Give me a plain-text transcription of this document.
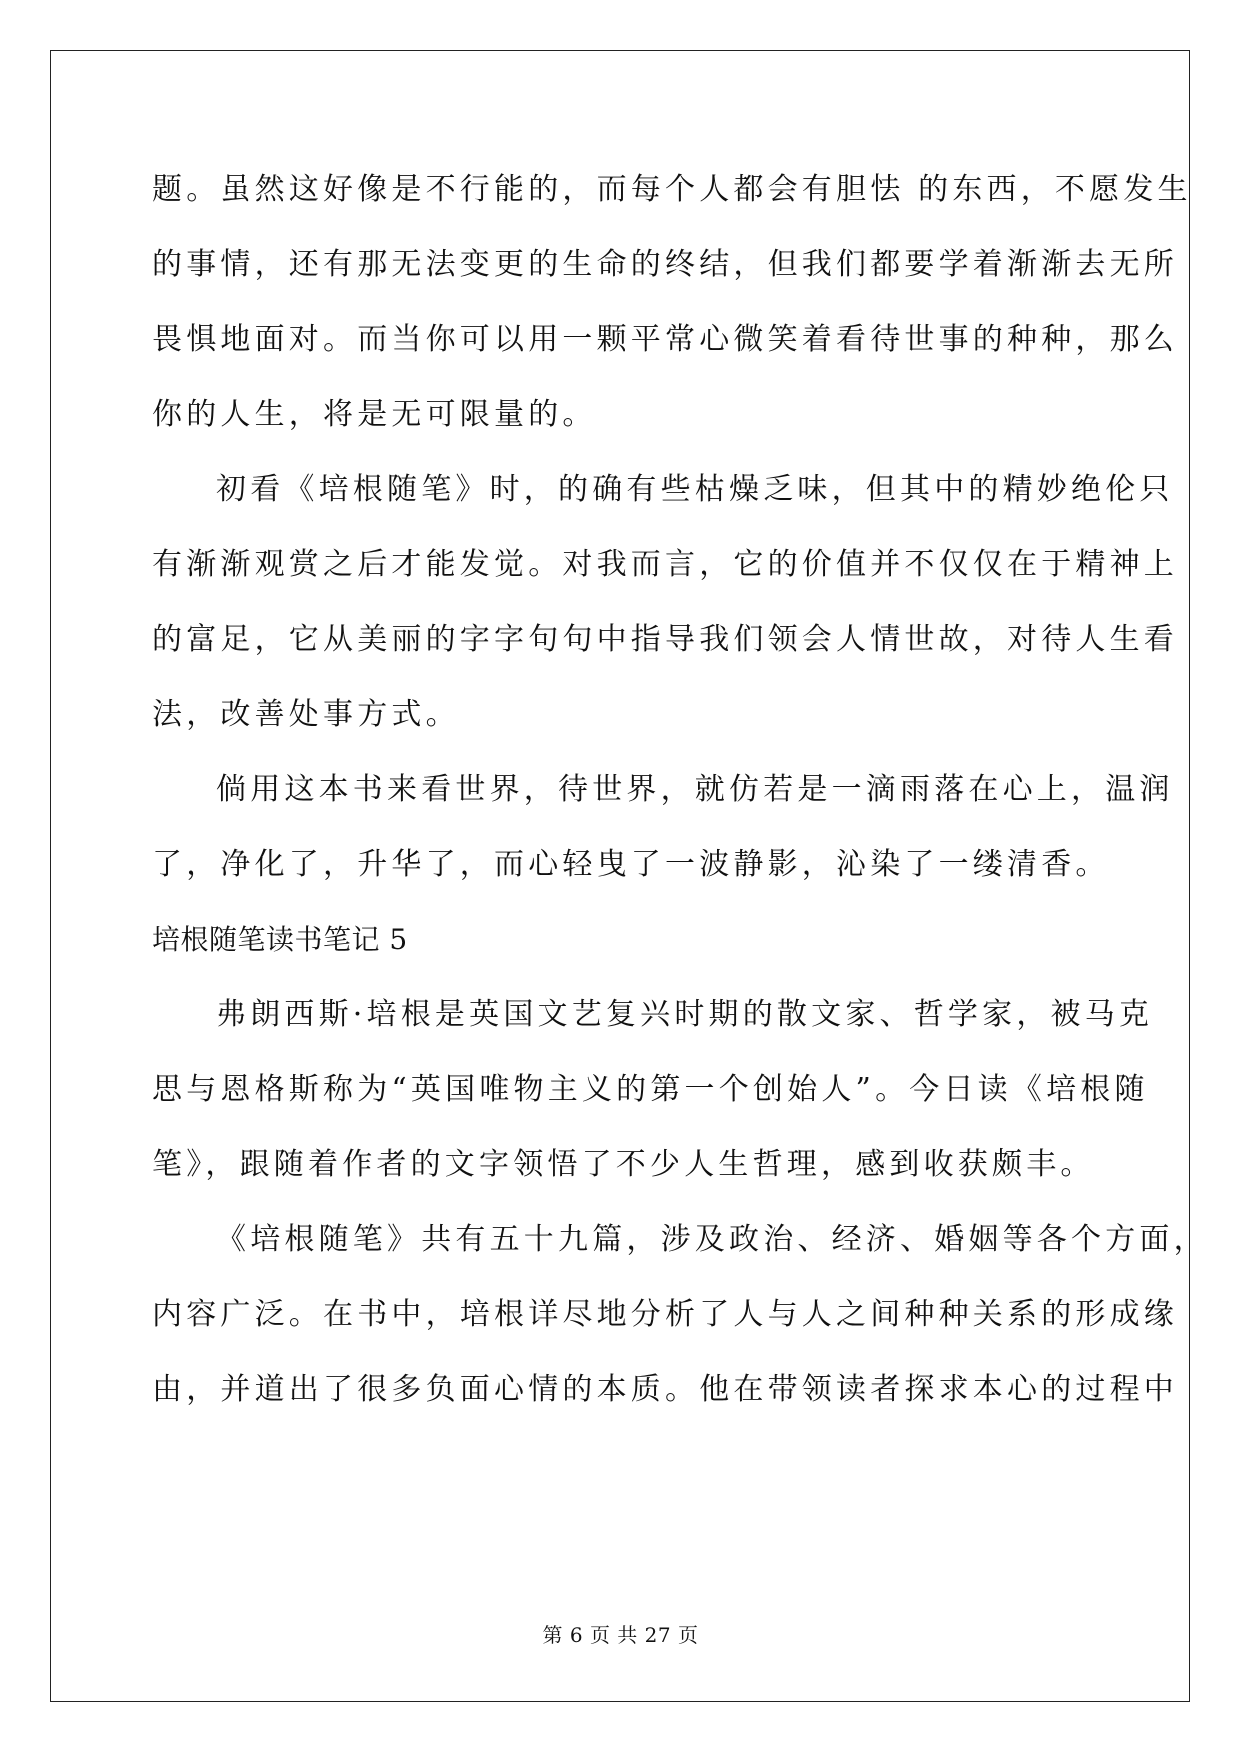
题。虽然这好像是不行能的，而每个人都会有胆怯 的东西，不愿发生
的事情，还有那无法变更的生命的终结，但我们都要学着渐渐去无所
畏惧地面对。而当你可以用一颗平常心微笑着看待世事的种种，那么
你的人生，将是无可限量的。
初看《培根随笔》时，的确有些枯燥乏味，但其中的精妙绝伦只
有渐渐观赏之后才能发觉。对我而言，它的价值并不仅仅在于精神上
的富足，它从美丽的字字句句中指导我们领会人情世故，对待人生看
法，改善处事方式。
倘用这本书来看世界，待世界，就仿若是一滴雨落在心上，温润
了，净化了，升华了，而心轻曳了一波静影，沁染了一缕清香。
培根随笔读书笔记 5
弗朗西斯·培根是英国文艺复兴时期的散文家、哲学家，被马克
思与恩格斯称为“英国唯物主义的第一个创始人”。今日读《培根随
笔》，跟随着作者的文字领悟了不少人生哲理，感到收获颇丰。
《培根随笔》共有五十九篇，涉及政治、经济、婚姻等各个方面，
内容广泛。在书中，培根详尽地分析了人与人之间种种关系的形成缘
由，并道出了很多负面心情的本质。他在带领读者探求本心的过程中
第 6 页 共 27 页
